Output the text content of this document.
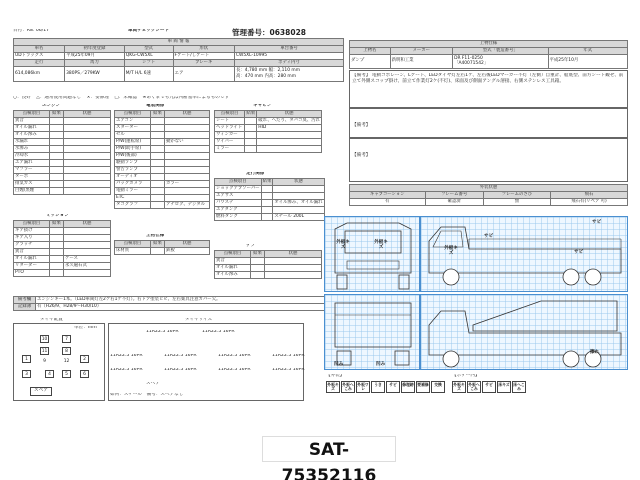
日付：R8. 06/17	車両チェックシート	管理番号：0638028
車 両 情 報				
車名	初年度登録	型式	形状	車台番号
UDトラックス	平成25年09月	QKG-CW5XL	Fゲート/しゲート	CW5XL-10995
走行	馬力	シフト	ブレーキ	ボディ内寸
614,086km	380PS／279KW	M/T H/L 6速	エア	長：4,780 mm 幅：2,110 mm
高：470 mm 内高：280 mm
○：良好 △：通常使用問題なし ×：要修理 □：未確認 ※あくまでも元は判断基準によるものです
エンジン
点検項目	結果	状態
異音		
オイル漏れ		
オイル滲み		
水漏れ		
水滲み		
冷却水		
エア漏れ		
マフラー		
ターボ		
排気ガス		
白煙/黒煙		
電装関係
点検項目	結果	状態
エアコン		
スターター		
セル		
P/W(運転席)		動かない
P/W(助手席)		
P/W(後部)		
駆動ランプ		
警告ランプ		
オーディオ		
バックカメラ		カラー
電動ミラー		
ETC		
タコグラフ		アナログ、デジタル
キャビン
点検項目	結果	状態
シート		破れ、へたり、タバコ臭、汚れ
ヘッドライト		HID
ウィンカー		
ワイパー		
ミラー		
走行関係
点検項目	結果	状態
ショックアブソーバー		
エアサス		
パワステ		オイル滲み、オイル漏れ
エアタンク		
燃料タンク		スチール 200L
ミッション
点検項目	結果	状態
ギア抜け		
ギア入り		
クラッチ		
異音		
オイル漏れ		ケース
リターダー		永久磁石式
PTO		
上物仕様
点検項目	結果	状態
床材質		鉄板
デフ
点検項目	結果	状態
異音		
オイル漏れ		
オイル滲み		
備考欄	エンジンキー1本。（LED車両灯左2ケ右1ケ不灯）。右ドア塗装ヒビ、左右楽具注意カバー欠。
記録簿	有（H26/9、H28/9〜H30/10）
タイヤ配置
単位：mm
10	7
11	8
1	2
3	4	5	6
9	12
スペア
タイヤサイズ
11R22.5 16PR	11R22.5 16PR
11R22.5 16PR	11R22.5 16PR	11R22.5 16PR	11R22.5 16PR
11R22.5 16PR	11R22.5 16PR	11R22.5 16PR	11R22.5 16PR
スペア
如何：スチール　備考：スペアなし
上物仕様			
上物名	メーカー	型式「製造番号」	年式
ダンプ	新明和工業	DR F11-0250
「A40071542」	平成25年10月
【備考】 電動コボレーン、Lゲート、LEDタイヤ灯左右1ケ、左右後LEDマーカー不灯（左側）自重計、船底型、前方シート観せ、前立て外側スコップ掛け、前立て作業灯2ケ(不灯)、床面及び側面アングル溶接、右側ステンレス工具箱。
【備考】
【備考】
外装状態			
キャブコーション	フレーム番号	フレームのさび	飛石
有	確認済	無	飛石有(リペア 可)
外板キズ
サビ
外板キズ
外板キズ
サビ
サビ
擦れ
凹み	凹み
【外装】	【ボデー内】
外板キズ
外板へこみ
外板ワレ
うき	サビ	修理跡 要補修	交換	外板キズ
外板へこみ
サビ	床キズ 床へこみ
SAT-75352116
